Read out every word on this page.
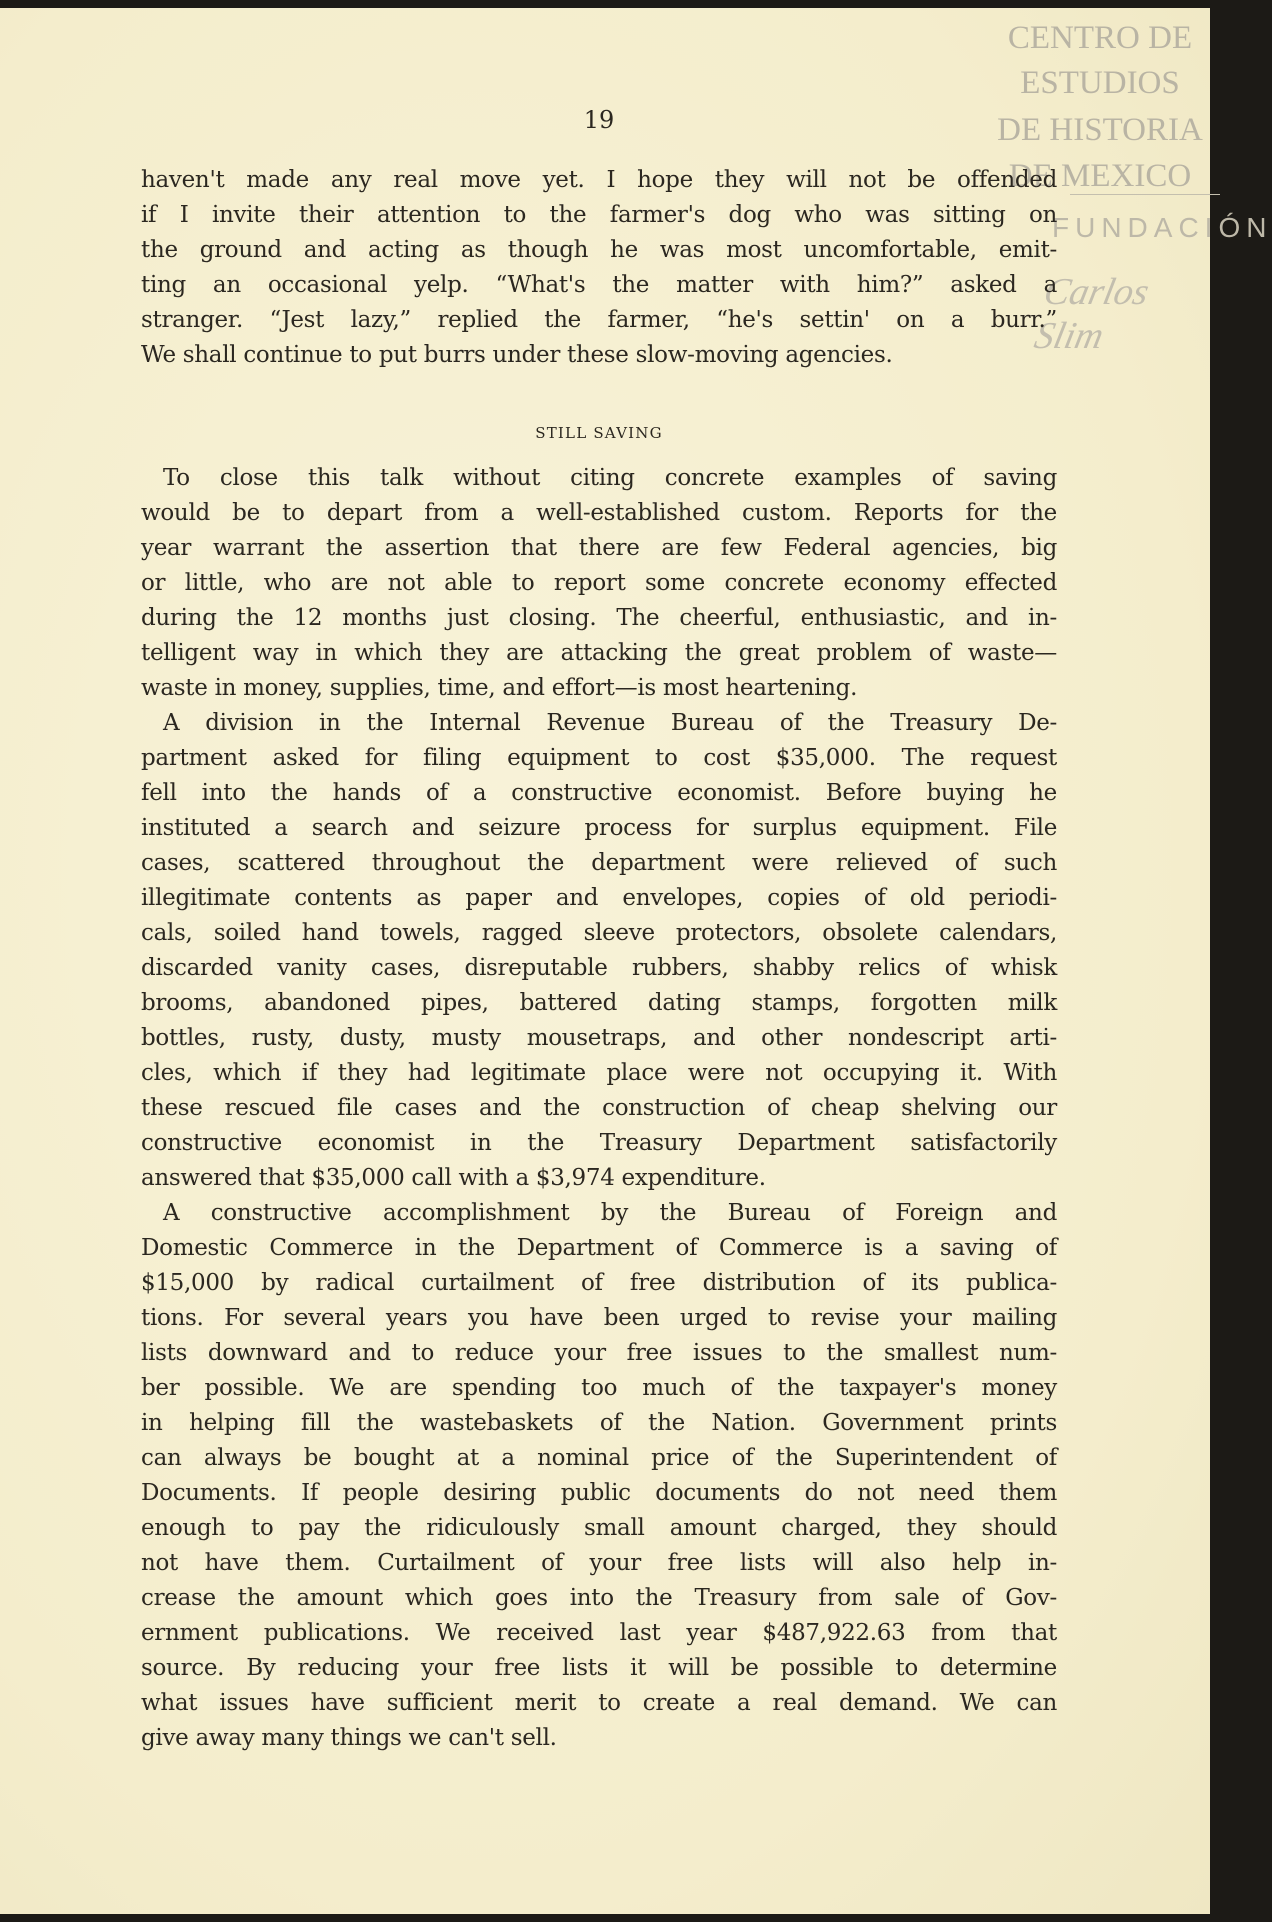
CENTRO DE
ESTUDIOS
DE HISTORIA
DE MEXICO
FUNDACIÓN
Carlos Slim
19
haven't made any real move yet. I hope they will not be offended
if I invite their attention to the farmer's dog who was sitting on
the ground and acting as though he was most uncomfortable, emit-
ting an occasional yelp. “What's the matter with him?” asked a
stranger. “Jest lazy,” replied the farmer, “he's settin' on a burr.”
We shall continue to put burrs under these slow-moving agencies.
STILL SAVING
To close this talk without citing concrete examples of saving
would be to depart from a well-established custom. Reports for the
year warrant the assertion that there are few Federal agencies, big
or little, who are not able to report some concrete economy effected
during the 12 months just closing. The cheerful, enthusiastic, and in-
telligent way in which they are attacking the great problem of waste—
waste in money, supplies, time, and effort—is most heartening.
A division in the Internal Revenue Bureau of the Treasury De-
partment asked for filing equipment to cost $35,000. The request
fell into the hands of a constructive economist. Before buying he
instituted a search and seizure process for surplus equipment. File
cases, scattered throughout the department were relieved of such
illegitimate contents as paper and envelopes, copies of old periodi-
cals, soiled hand towels, ragged sleeve protectors, obsolete calendars,
discarded vanity cases, disreputable rubbers, shabby relics of whisk
brooms, abandoned pipes, battered dating stamps, forgotten milk
bottles, rusty, dusty, musty mousetraps, and other nondescript arti-
cles, which if they had legitimate place were not occupying it. With
these rescued file cases and the construction of cheap shelving our
constructive economist in the Treasury Department satisfactorily
answered that $35,000 call with a $3,974 expenditure.
A constructive accomplishment by the Bureau of Foreign and
Domestic Commerce in the Department of Commerce is a saving of
$15,000 by radical curtailment of free distribution of its publica-
tions. For several years you have been urged to revise your mailing
lists downward and to reduce your free issues to the smallest num-
ber possible. We are spending too much of the taxpayer's money
in helping fill the wastebaskets of the Nation. Government prints
can always be bought at a nominal price of the Superintendent of
Documents. If people desiring public documents do not need them
enough to pay the ridiculously small amount charged, they should
not have them. Curtailment of your free lists will also help in-
crease the amount which goes into the Treasury from sale of Gov-
ernment publications. We received last year $487,922.63 from that
source. By reducing your free lists it will be possible to determine
what issues have sufficient merit to create a real demand. We can
give away many things we can't sell.
